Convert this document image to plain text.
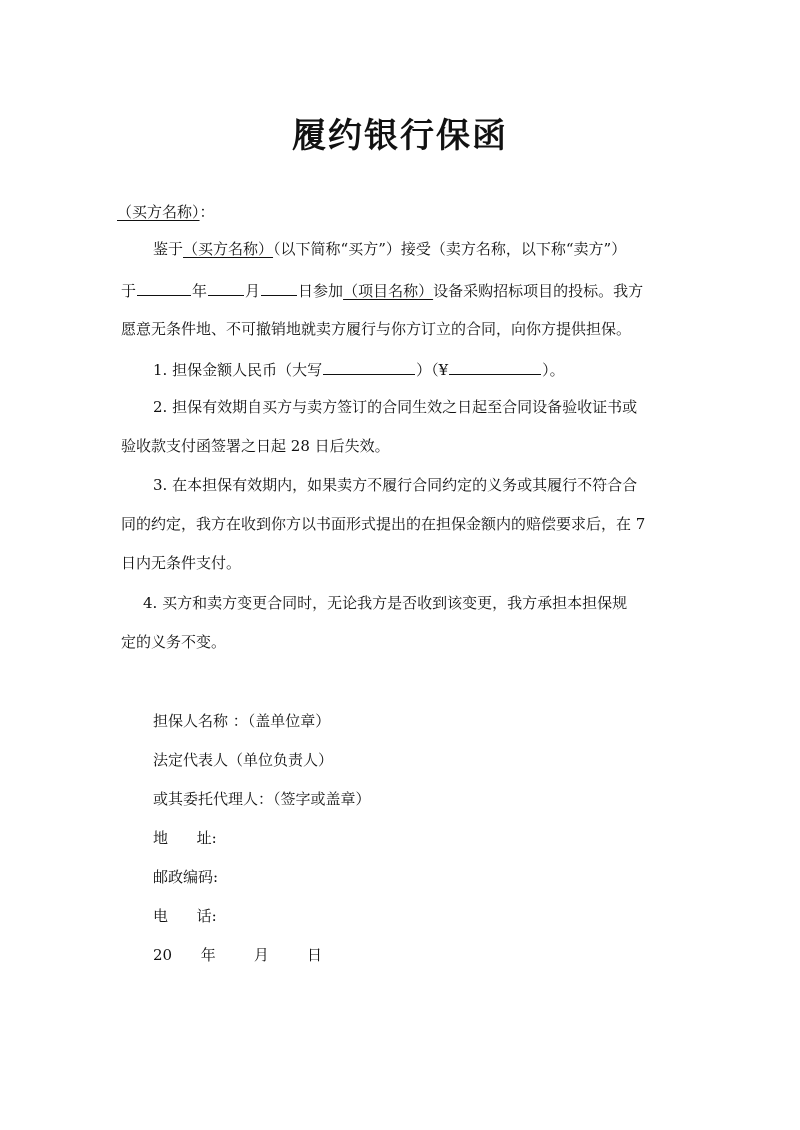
履约银行保函
（买方名称）：
鉴于（买方名称）（以下简称“买方”）接受（卖方名称，以下称“卖方”）
于	年	月	日参加（项目名称）设备采购招标项目的投标。我方
愿意无条件地、不可撤销地就卖方履行与你方订立的合同，向你方提供担保。
1. 担保金额人民币（大写	）（¥	）。
2. 担保有效期自买方与卖方签订的合同生效之日起至合同设备验收证书或
验收款支付函签署之日起 28 日后失效。
3. 在本担保有效期内，如果卖方不履行合同约定的义务或其履行不符合合
同的约定，我方在收到你方以书面形式提出的在担保金额内的赔偿要求后，在 7
日内无条件支付。
4. 买方和卖方变更合同时，无论我方是否收到该变更，我方承担本担保规
定的义务不变。
担保人名称 ：（盖单位章）
法定代表人（单位负责人）
或其委托代理人：（签字或盖章）
地      址:
邮政编码:
电      话:
20      年        月        日
